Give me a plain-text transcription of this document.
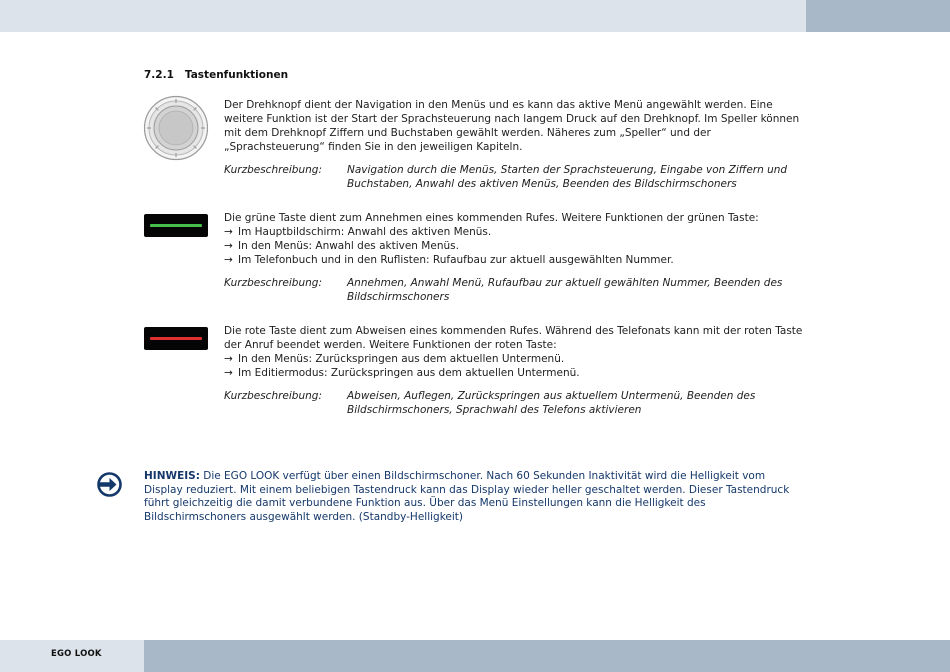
7.2.1 Tastenfunktionen

Der Drehknopf dient der Navigation in den Menüs und es kann das aktive Menü angewählt werden. Eine weitere Funktion ist der Start der Sprachsteuerung nach langem Druck auf den Drehknopf. Im Speller können mit dem Drehknopf Ziffern und Buchstaben gewählt werden. Näheres zum „Speller“ und der „Sprachsteuerung“ finden Sie in den jeweiligen Kapiteln.

Kurzbeschreibung: Navigation durch die Menüs, Starten der Sprachsteuerung, Eingabe von Ziffern und Buchstaben, Anwahl des aktiven Menüs, Beenden des Bildschirmschoners

Die grüne Taste dient zum Annehmen eines kommenden Rufes. Weitere Funktionen der grünen Taste:

→ Im Hauptbildschirm: Anwahl des aktiven Menüs.

→ In den Menüs: Anwahl des aktiven Menüs.

→ Im Telefonbuch und in den Ruflisten: Rufaufbau zur aktuell ausgewählten Nummer.

Kurzbeschreibung: Annehmen, Anwahl Menü, Rufaufbau zur aktuell gewählten Nummer, Beenden des Bildschirmschoners

Die rote Taste dient zum Abweisen eines kommenden Rufes. Während des Telefonats kann mit der roten Taste der Anruf beendet werden. Weitere Funktionen der roten Taste:

→ In den Menüs: Zurückspringen aus dem aktuellen Untermenü.

→ Im Editiermodus: Zurückspringen aus dem aktuellen Untermenü.

Kurzbeschreibung: Abweisen, Auflegen, Zurückspringen aus aktuellem Untermenü, Beenden des Bildschirmschoners, Sprachwahl des Telefons aktivieren
HINWEIS: Die EGO LOOK verfügt über einen Bildschirmschoner. Nach 60 Sekunden Inaktivität wird die Helligkeit vom Display reduziert. Mit einem beliebigen Tastendruck kann das Display wieder heller geschaltet werden. Dieser Tastendruck führt gleichzeitig die damit verbundene Funktion aus. Über das Menü Einstellungen kann die Helligkeit des Bildschirmschoners ausgewählt werden. (Standby-Helligkeit)
EGO LOOK
